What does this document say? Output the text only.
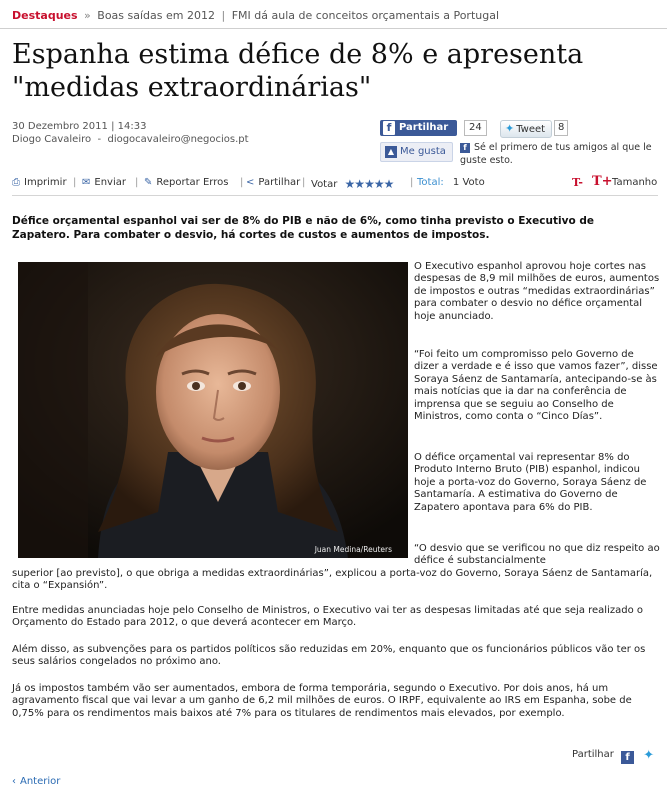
Destaques » Boas saídas em 2012 | FMI dá aula de conceitos orçamentais a Portugal
Espanha estima défice de 8% e apresenta "medidas extraordinárias"
30 Dezembro 2011 | 14:33
Diogo Cavaleiro  -  diogocavaleiro@negocios.pt
f Partilhar	24	✦ Tweet	8
▲ Me gusta	f Sé el primero de tus amigos al que le guste esto.
⎙ Imprimir | ✉ Enviar | ✎ Reportar Erros | < Partilhar | Votar ★★★★★ | Total: 1 Voto	T- T+ Tamanho

Défice orçamental espanhol vai ser de 8% do PIB e não de 6%, como tinha previsto o Executivo de Zapatero. Para combater o desvio, há cortes de custos e aumentos de impostos.

Juan Medina/Reuters

O Executivo espanhol aprovou hoje cortes nas despesas de 8,9 mil milhões de euros, aumentos de impostos e outras “medidas extraordinárias” para combater o desvio no défice orçamental hoje anunciado.

“Foi feito um compromisso pelo Governo de dizer a verdade e é isso que vamos fazer”, disse Soraya Sáenz de Santamaría, antecipando-se às mais notícias que ia dar na conferência de imprensa que se seguiu ao Conselho de Ministros, como conta o “Cinco Días”.

O défice orçamental vai representar 8% do Produto Interno Bruto (PIB) espanhol, indicou hoje a porta-voz do Governo, Soraya Sáenz de Santamaría. A estimativa do Governo de Zapatero apontava para 6% do PIB.

“O desvio que se verificou no que diz respeito ao défice é substancialmente

superior [ao previsto], o que obriga a medidas extraordinárias”, explicou a porta-voz do Governo, Soraya Sáenz de Santamaría, cita o “Expansión”.

Entre medidas anunciadas hoje pelo Conselho de Ministros, o Executivo vai ter as despesas limitadas até que seja realizado o Orçamento do Estado para 2012, o que deverá acontecer em Março.

Além disso, as subvenções para os partidos políticos são reduzidas em 20%, enquanto que os funcionários públicos vão ter os seus salários congelados no próximo ano.

Já os impostos também vão ser aumentados, embora de forma temporária, segundo o Executivo. Por dois anos, há um agravamento fiscal que vai levar a um ganho de 6,2 mil milhões de euros. O IRPF, equivalente ao IRS em Espanha, sobe de 0,75% para os rendimentos mais baixos até 7% para os titulares de rendimentos mais elevados, por exemplo.

Partilhar f ✦
‹ Anterior
